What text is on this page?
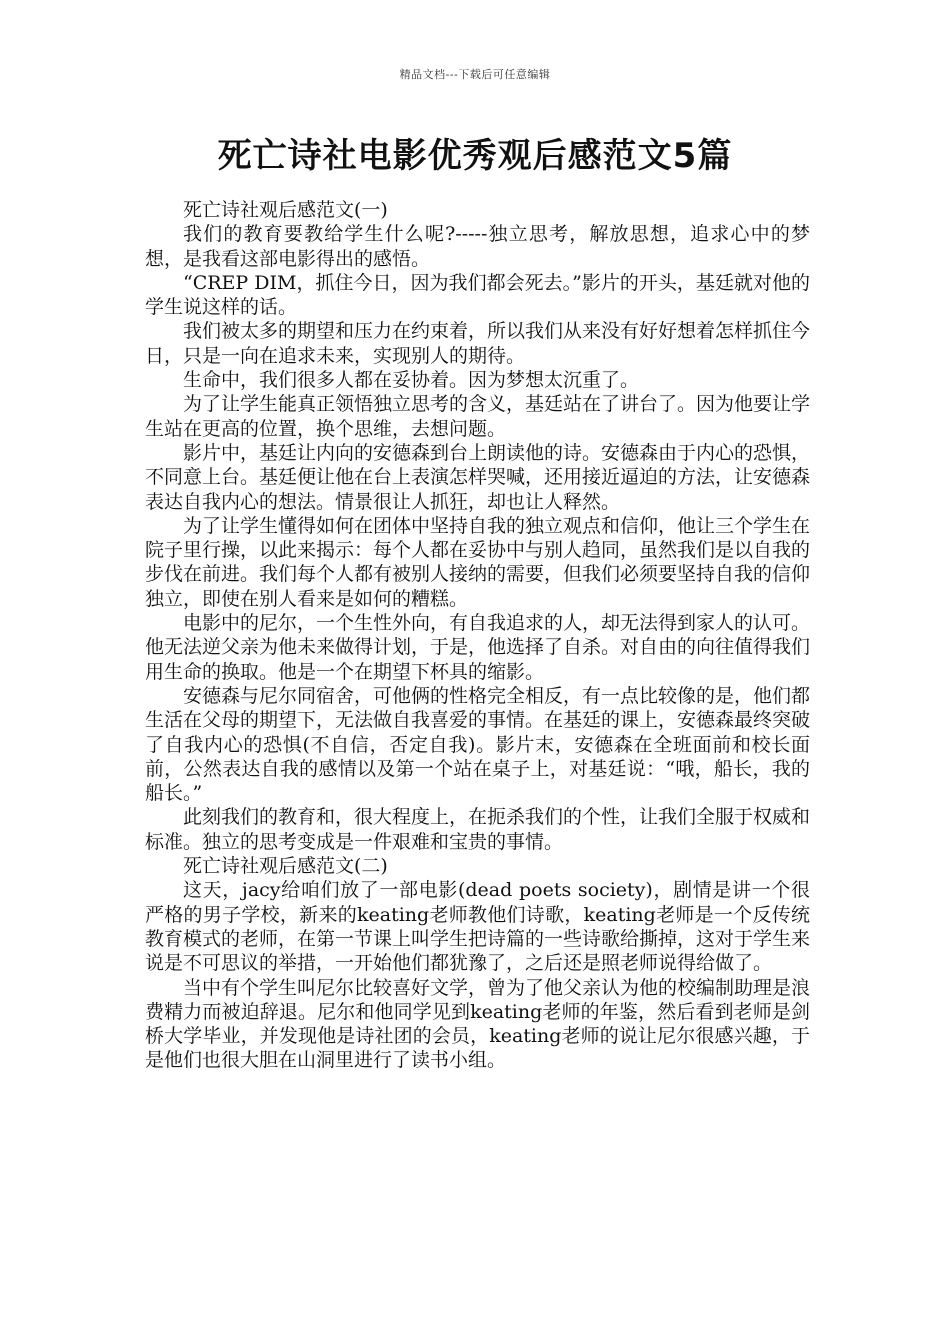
精品文档---下载后可任意编辑
死亡诗社电影优秀观后感范文5篇

死亡诗社观后感范文(一)

我们的教育要教给学生什么呢?-----独立思考，解放思想，追求心中的梦想，是我看这部电影得出的感悟。

“CREP DIM，抓住今日，因为我们都会死去。”影片的开头，基廷就对他的学生说这样的话。

我们被太多的期望和压力在约束着，所以我们从来没有好好想着怎样抓住今日，只是一向在追求未来，实现别人的期待。

生命中，我们很多人都在妥协着。因为梦想太沉重了。

为了让学生能真正领悟独立思考的含义，基廷站在了讲台了。因为他要让学生站在更高的位置，换个思维，去想问题。

影片中，基廷让内向的安德森到台上朗读他的诗。安德森由于内心的恐惧，不同意上台。基廷便让他在台上表演怎样哭喊，还用接近逼迫的方法，让安德森表达自我内心的想法。情景很让人抓狂，却也让人释然。

为了让学生懂得如何在团体中坚持自我的独立观点和信仰，他让三个学生在院子里行操，以此来揭示：每个人都在妥协中与别人趋同，虽然我们是以自我的步伐在前进。我们每个人都有被别人接纳的需要，但我们必须要坚持自我的信仰独立，即使在别人看来是如何的糟糕。

电影中的尼尔，一个生性外向，有自我追求的人，却无法得到家人的认可。他无法逆父亲为他未来做得计划，于是，他选择了自杀。对自由的向往值得我们用生命的换取。他是一个在期望下杯具的缩影。

安德森与尼尔同宿舍，可他俩的性格完全相反，有一点比较像的是，他们都生活在父母的期望下，无法做自我喜爱的事情。在基廷的课上，安德森最终突破了自我内心的恐惧(不自信，否定自我)。影片末，安德森在全班面前和校长面前，公然表达自我的感情以及第一个站在桌子上，对基廷说：“哦，船长，我的船长。”

此刻我们的教育和，很大程度上，在扼杀我们的个性，让我们全服于权威和标准。独立的思考变成是一件艰难和宝贵的事情。

死亡诗社观后感范文(二)

这天，jacy给咱们放了一部电影(dead poets society)，剧情是讲一个很严格的男子学校，新来的keating老师教他们诗歌，keating老师是一个反传统教育模式的老师，在第一节课上叫学生把诗篇的一些诗歌给撕掉，这对于学生来说是不可思议的举措，一开始他们都犹豫了，之后还是照老师说得给做了。

当中有个学生叫尼尔比较喜好文学，曾为了他父亲认为他的校编制助理是浪费精力而被迫辞退。尼尔和他同学见到keating老师的年鉴，然后看到老师是剑桥大学毕业，并发现他是诗社团的会员，keating老师的说让尼尔很感兴趣，于是他们也很大胆在山洞里进行了读书小组。
